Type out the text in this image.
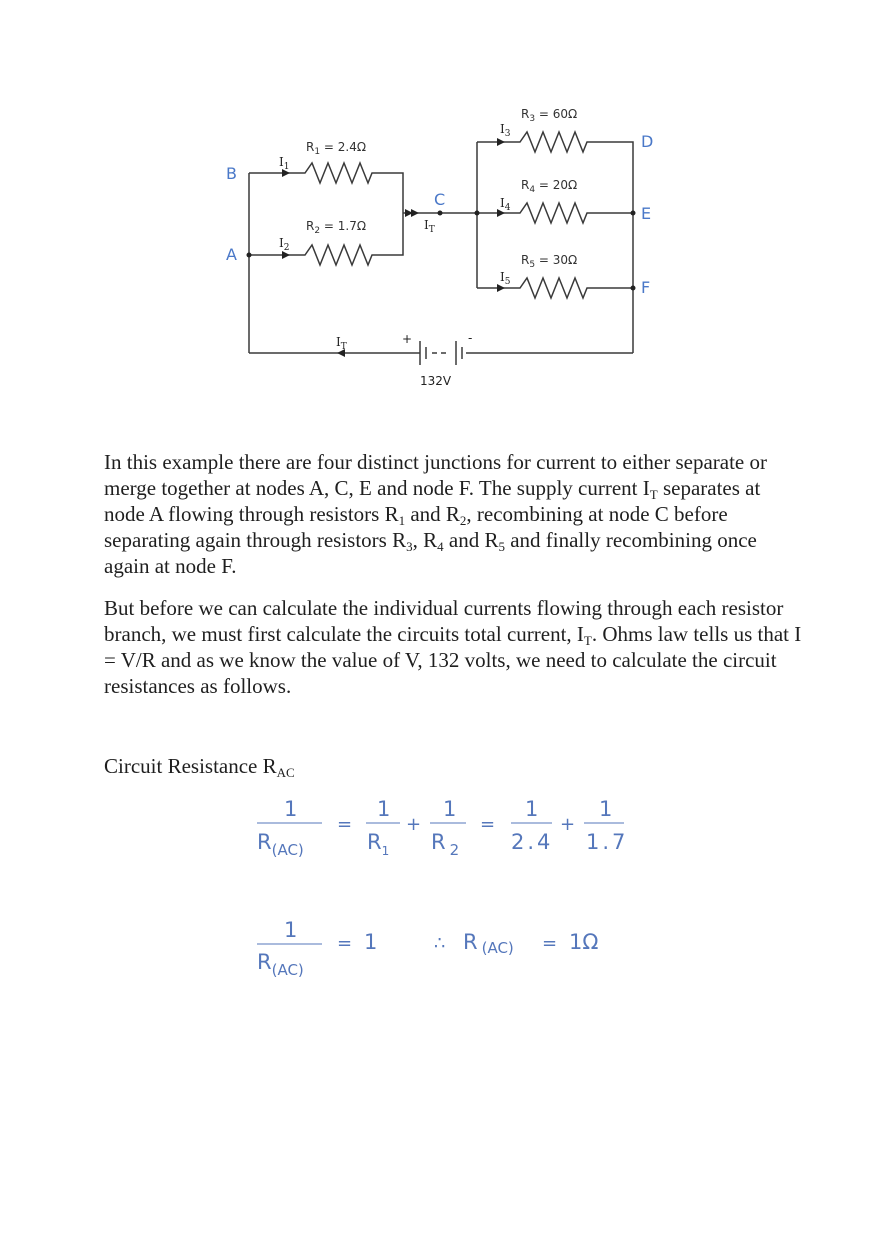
B
A
C
D
E
F
$R_1 = 2.4\Omega$
$R_2 = 1.7\Omega$
$R_3 = 60\Omega$
$R_4 = 20\Omega$
$R_5 = 30\Omega$
$I_1$
$I_2$
$I_T$
$I_3$
$I_4$
$I_5$
$I_T$
+	-
132V

In this example there are four distinct junctions for current to either separate or merge together at nodes A, C, E and node F. The supply current $I_T$ separates at node A flowing through resistors $R_1$ and $R_2$, recombining at node C before separating again through resistors $R_3$, $R_4$ and $R_5$ and finally recombining once again at node F.

But before we can calculate the individual currents flowing through each resistor branch, we must first calculate the circuits total current, $I_T$. Ohms law tells us that I = V/R and as we know the value of V, 132 volts, we need to calculate the circuit resistances as follows.

Circuit Resistance $R_{AC}$
1
$R_{(AC)}$
=
1
$R_1$
+
1
R $_2$
=
1
2.4
+
1
1.7
1
$R_{(AC)}$
= 1	∴ R (AC) = 1Ω
